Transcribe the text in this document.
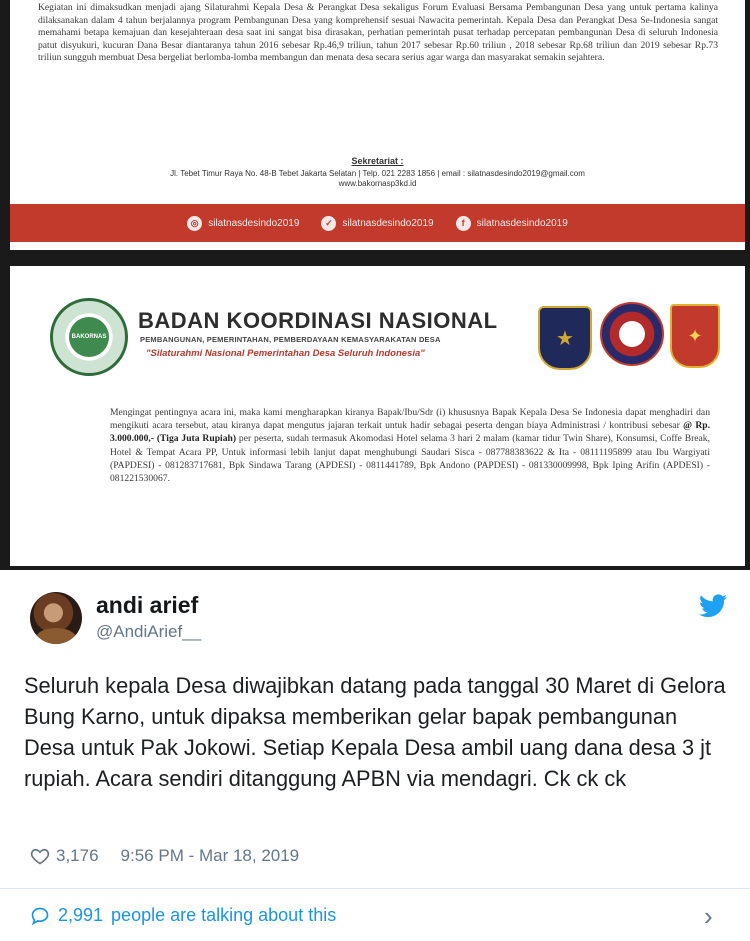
Kegiatan ini dimaksudkan menjadi ajang Silaturahmi Kepala Desa & Perangkat Desa sekaligus Forum Evaluasi Bersama Pembangunan Desa yang untuk pertama kalinya dilaksanakan dalam 4 tahun berjalannya program Pembangunan Desa yang komprehensif sesuai Nawacita pemerintah. Kepala Desa dan Perangkat Desa Se-Indonesia sangat memahami betapa kemajuan dan kesejahteraan desa saat ini sangat bisa dirasakan, perhatian pemerintah pusat terhadap percepatan pembangunan Desa di seluruh Indonesia patut disyukuri, kucuran Dana Besar diantaranya tahun 2016 sebesar Rp.46,9 triliun, tahun 2017 sebesar Rp.60 triliun , 2018 sebesar Rp.68 triliun dan 2019 sebesar Rp.73 triliun sungguh membuat Desa bergeliat berlomba-lomba membangun dan menata desa secara serius agar warga dan masyarakat semakin sejahtera.

Sekretariat :
Jl. Tebet Timur Raya No. 48-B Tebet Jakarta Selatan | Telp. 021 2283 1856 | email : silatnasdesindo2019@gmail.com
www.bakornasp3kd.id
◎ silatnasdesindo2019	✓ silatnasdesindo2019	f	silatnasdesindo2019
BAKORNAS
BADAN KOORDINASI NASIONAL
PEMBANGUNAN, PEMERINTAHAN, PEMBERDAYAAN KEMASYARAKATAN DESA
"Silaturahmi Nasional Pemerintahan Desa Seluruh Indonesia"
★	✦

Mengingat pentingnya acara ini, maka kami mengharapkan kiranya Bapak/Ibu/Sdr (i) khususnya Bapak Kepala Desa Se Indonesia dapat menghadiri dan mengikuti acara tersebut, atau kiranya dapat mengutus jajaran terkait untuk hadir sebagai peserta dengan biaya Administrasi / kontribusi sebesar @ Rp. 3.000.000,- (Tiga Juta Rupiah) per peserta, sudah termasuk Akomodasi Hotel selama 3 hari 2 malam (kamar tidur Twin Share), Konsumsi, Coffe Break, Hotel & Tempat Acara PP, Untuk informasi lebih lanjut dapat menghubungi Saudari Sisca - 087788383622 & Ita - 08111195899 atau Ibu Wargiyati (PAPDESI) - 081283717681, Bpk Sindawa Tarang (APDESI) - 0811441789, Bpk Andono (PAPDESI) - 081330009998, Bpk Iping Arifin (APDESI) - 081221530067.

andi arief
@AndiArief__
Seluruh kepala Desa diwajibkan datang pada tanggal 30 Maret di Gelora Bung Karno, untuk dipaksa memberikan gelar bapak pembangunan Desa untuk Pak Jokowi. Setiap Kepala Desa ambil uang dana desa 3 jt rupiah. Acara sendiri ditanggung APBN via mendagri. Ck ck ck
3,176 9:56 PM - Mar 18, 2019
2,991 people are talking about this	›
